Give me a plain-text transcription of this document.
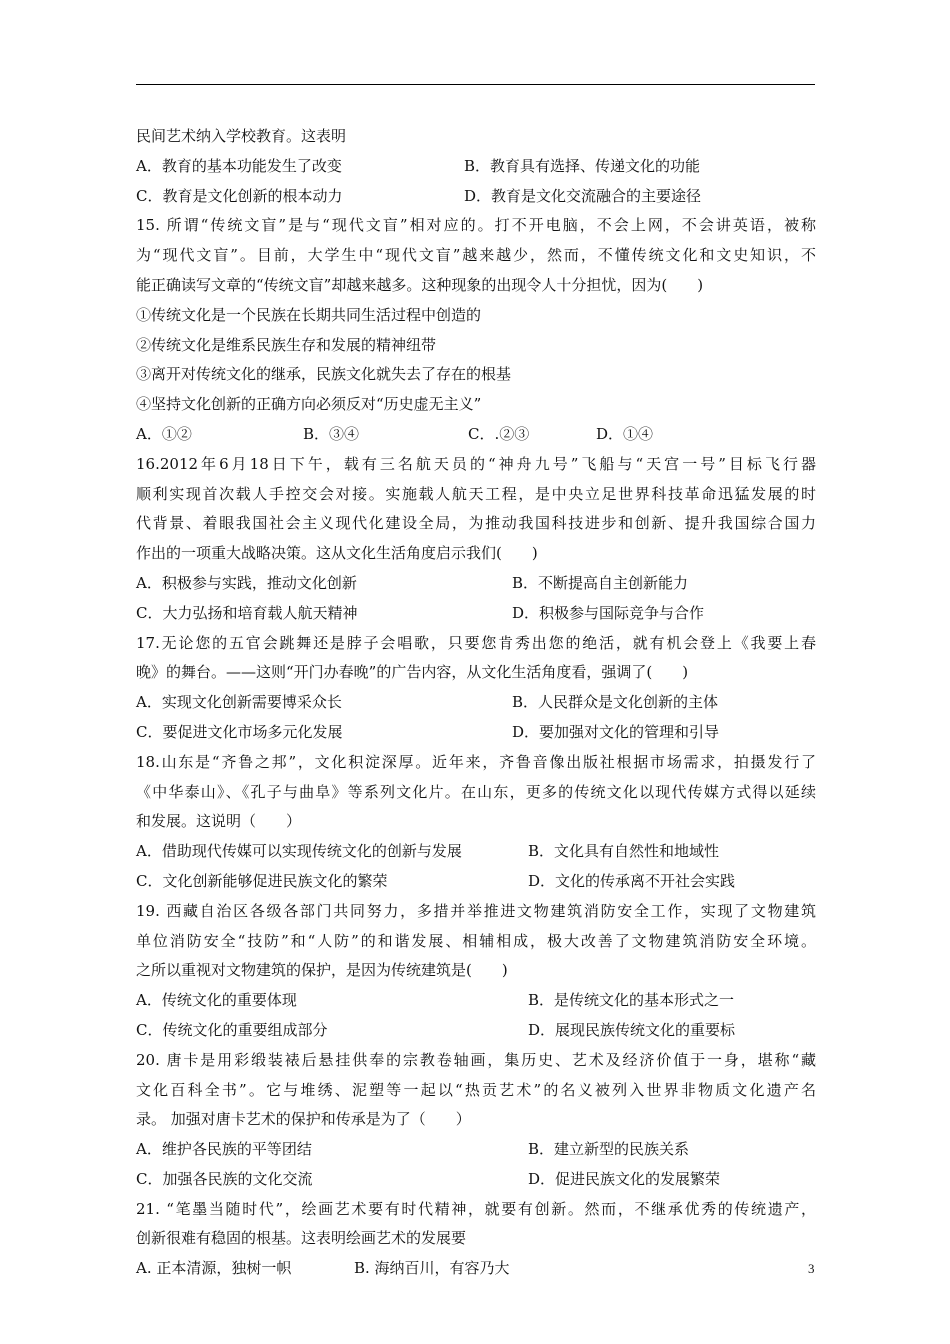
民间艺术纳入学校教育。这表明
A．教育的基本功能发生了改变	B．教育具有选择、传递文化的功能
C．教育是文化创新的根本动力	D．教育是文化交流融合的主要途径
15. 所谓“传统文盲”是与“现代文盲”相对应的。打不开电脑，不会上网，不会讲英语，被称
为“现代文盲”。目前，大学生中“现代文盲”越来越少，然而，不懂传统文化和文史知识，不
能正确读写文章的“传统文盲”却越来越多。这种现象的出现令人十分担忧，因为(　　)
①传统文化是一个民族在长期共同生活过程中创造的
②传统文化是维系民族生存和发展的精神纽带
③离开对传统文化的继承，民族文化就失去了存在的根基
④坚持文化创新的正确方向必须反对“历史虚无主义”
A．①②	B．③④	C．.②③	D．①④
16.2012年6月18日下午，载有三名航天员的“神舟九号”飞船与“天宫一号”目标飞行器
顺利实现首次载人手控交会对接。实施载人航天工程，是中央立足世界科技革命迅猛发展的时
代背景、着眼我国社会主义现代化建设全局，为推动我国科技进步和创新、提升我国综合国力
作出的一项重大战略决策。这从文化生活角度启示我们(　　)
A．积极参与实践，推动文化创新	B．不断提高自主创新能力
C．大力弘扬和培育载人航天精神	D．积极参与国际竞争与合作
17.无论您的五官会跳舞还是脖子会唱歌，只要您肯秀出您的绝活，就有机会登上《我要上春
晚》的舞台。——这则“开门办春晚”的广告内容，从文化生活角度看，强调了(　　)
A．实现文化创新需要博采众长	B．人民群众是文化创新的主体
C．要促进文化市场多元化发展	D．要加强对文化的管理和引导
18.山东是“齐鲁之邦”，文化积淀深厚。近年来，齐鲁音像出版社根据市场需求，拍摄发行了
《中华泰山》、《孔子与曲阜》等系列文化片。在山东，更多的传统文化以现代传媒方式得以延续
和发展。这说明（　　）
A．借助现代传媒可以实现传统文化的创新与发展	B．文化具有自然性和地域性
C．文化创新能够促进民族文化的繁荣	D．文化的传承离不开社会实践
19. 西藏自治区各级各部门共同努力，多措并举推进文物建筑消防安全工作，实现了文物建筑
单位消防安全“技防”和“人防”的和谐发展、相辅相成，极大改善了文物建筑消防安全环境。
之所以重视对文物建筑的保护，是因为传统建筑是(　　)
A．传统文化的重要体现	B．是传统文化的基本形式之一
C．传统文化的重要组成部分	D．展现民族传统文化的重要标
20. 唐卡是用彩缎装裱后悬挂供奉的宗教卷轴画，集历史、艺术及经济价值于一身，堪称“藏
文化百科全书”。它与堆绣、泥塑等一起以“热贡艺术”的名义被列入世界非物质文化遗产名
录。 加强对唐卡艺术的保护和传承是为了（　　）
A．维护各民族的平等团结	B．建立新型的民族关系
C．加强各民族的文化交流	D．促进民族文化的发展繁荣
21. “笔墨当随时代”，绘画艺术要有时代精神，就要有创新。然而，不继承优秀的传统遗产，
创新很难有稳固的根基。这表明绘画艺术的发展要
A. 正本清源，独树一帜	B. 海纳百川，有容乃大	3
